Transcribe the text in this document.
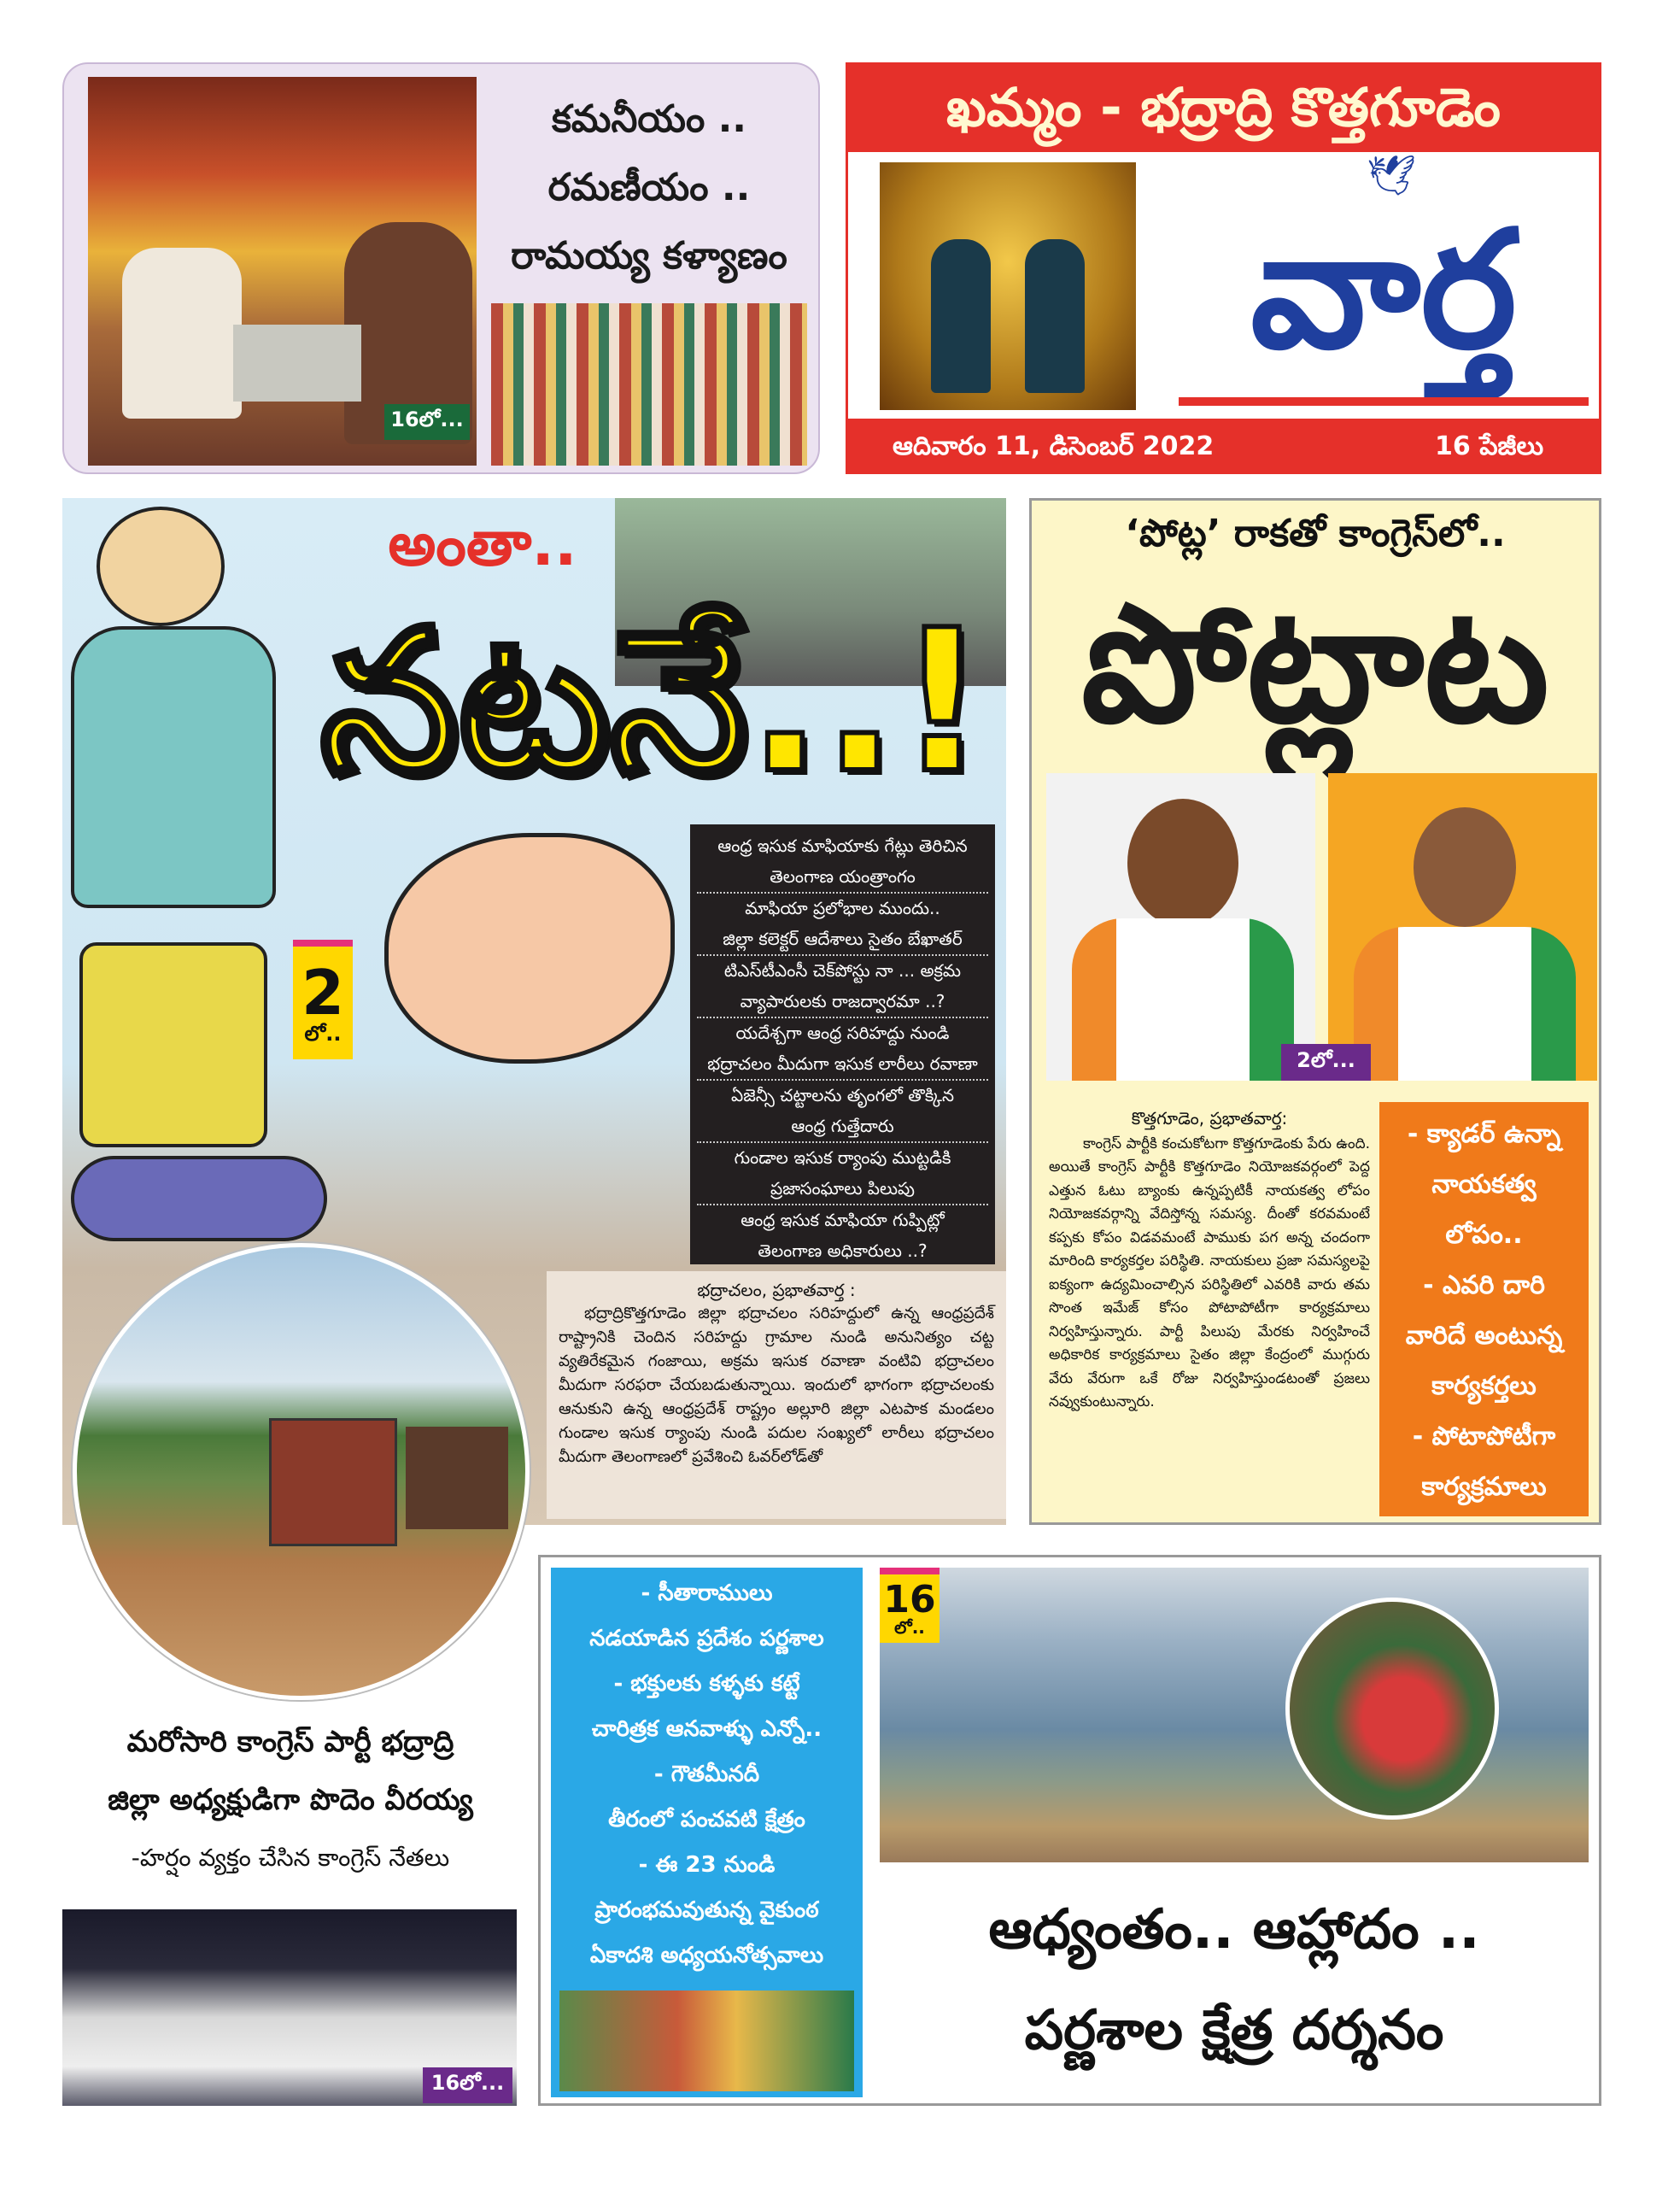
16లో...
కమనీయం ..
రమణీయం ..
రామయ్య కళ్యాణం
ఖమ్మం - భద్రాద్రి కొత్తగూడెం
🕊
వార్త
ఆదివారం 11, డిసెంబర్ 2022	16 పేజీలు
అంతా..
నటనే..!
2
లో..
ఆంధ్ర ఇసుక మాఫియాకు గేట్లు తెరిచిన
తెలంగాణ యంత్రాంగం
మాఫియా ప్రలోభాల ముందు..
జిల్లా కలెక్టర్ ఆదేశాలు సైతం బేఖాతర్
టిఎస్‌టీఎంసీ చెక్‌పోస్టు నా ... అక్రమ
వ్యాపారులకు రాజద్వారమా ..?
యదేశ్చగా ఆంధ్ర సరిహద్దు నుండి
భద్రాచలం మీదుగా ఇసుక లారీలు రవాణా
ఏజెన్సీ చట్టాలను తృంగలో తొక్కిన
ఆంధ్ర గుత్తేదారు
గుండాల ఇసుక ర్యాంపు ముట్టడికి
ప్రజాసంఘాలు పిలుపు
ఆంధ్ర ఇసుక మాఫియా గుప్పిట్లో
తెలంగాణ అధికారులు ..?
భద్రాచలం, ప్రభాతవార్త :
భద్రాద్రికొత్తగూడెం జిల్లా భద్రాచలం సరిహద్దులో ఉన్న ఆంధ్రప్రదేశ్ రాష్ట్రానికి చెందిన సరిహద్దు గ్రామాల నుండి అనునిత్యం చట్ట వ్యతిరేకమైన గంజాయి, అక్రమ ఇసుక రవాణా వంటివి భద్రాచలం మీదుగా సరఫరా చేయబడుతున్నాయి. ఇందులో భాగంగా భద్రాచలంకు ఆనుకుని ఉన్న ఆంధ్రప్రదేశ్ రాష్ట్రం అల్లూరి జిల్లా ఎటపాక మండలం గుండాల ఇసుక ర్యాంపు నుండి పదుల సంఖ్యలో లారీలు భద్రాచలం మీదుగా తెలంగాణలో ప్రవేశించి ఓవర్‌లోడ్‌తో
‘పోట్ల’ రాకతో కాంగ్రెస్‌లో..
పోట్లాట
2లో...
కొత్తగూడెం, ప్రభాతవార్త:
కాంగ్రెస్ పార్టీకి కంచుకోటగా కొత్తగూడెంకు పేరు ఉంది. అయితే కాంగ్రెస్ పార్టీకి కొత్తగూడెం నియోజకవర్గంలో పెద్ద ఎత్తున ఓటు బ్యాంకు ఉన్నప్పటికీ నాయకత్వ లోపం నియోజకవర్గాన్ని వేదిస్తోన్న సమస్య. దీంతో కరవమంటే కప్పకు కోపం విడవమంటే పాముకు పగ అన్న చందంగా మారింది కార్యకర్తల పరిస్థితి. నాయకులు ప్రజా సమస్యలపై ఐక్యంగా ఉద్యమించాల్సిన పరిస్థితిలో ఎవరికి వారు తమ సొంత ఇమేజ్ కోసం పోటాపోటీగా కార్యక్రమాలు నిర్వహిస్తున్నారు. పార్టీ పిలుపు మేరకు నిర్వహించే అధికారిక కార్యక్రమాలు సైతం జిల్లా కేంద్రంలో ముగ్గురు వేరు వేరుగా ఒకే రోజు నిర్వహిస్తుండటంతో ప్రజలు నవ్వుకుంటున్నారు.
- క్యాడర్ ఉన్నా
నాయకత్వ
లోపం..
- ఎవరి దారి
వారిదే అంటున్న
కార్యకర్తలు
- పోటాపోటీగా
కార్యక్రమాలు
మరోసారి కాంగ్రెస్ పార్టీ భద్రాద్రి
జిల్లా అధ్యక్షుడిగా పొదెం వీరయ్య
-హర్షం వ్యక్తం చేసిన కాంగ్రెస్ నేతలు
16లో...
- సీతారాములు
నడయాడిన ప్రదేశం పర్ణశాల
- భక్తులకు కళ్ళకు కట్టే
చారిత్రక ఆనవాళ్ళు ఎన్నో..
- గౌతమీనదీ
తీరంలో పంచవటి క్షేత్రం
- ఈ 23 నుండి
ప్రారంభమవుతున్న వైకుంఠ
ఏకాదశి అధ్యయనోత్సవాలు
16
లో..
ఆధ్యంతం.. ఆహ్లాదం ..
పర్ణశాల క్షేత్ర దర్శనం
